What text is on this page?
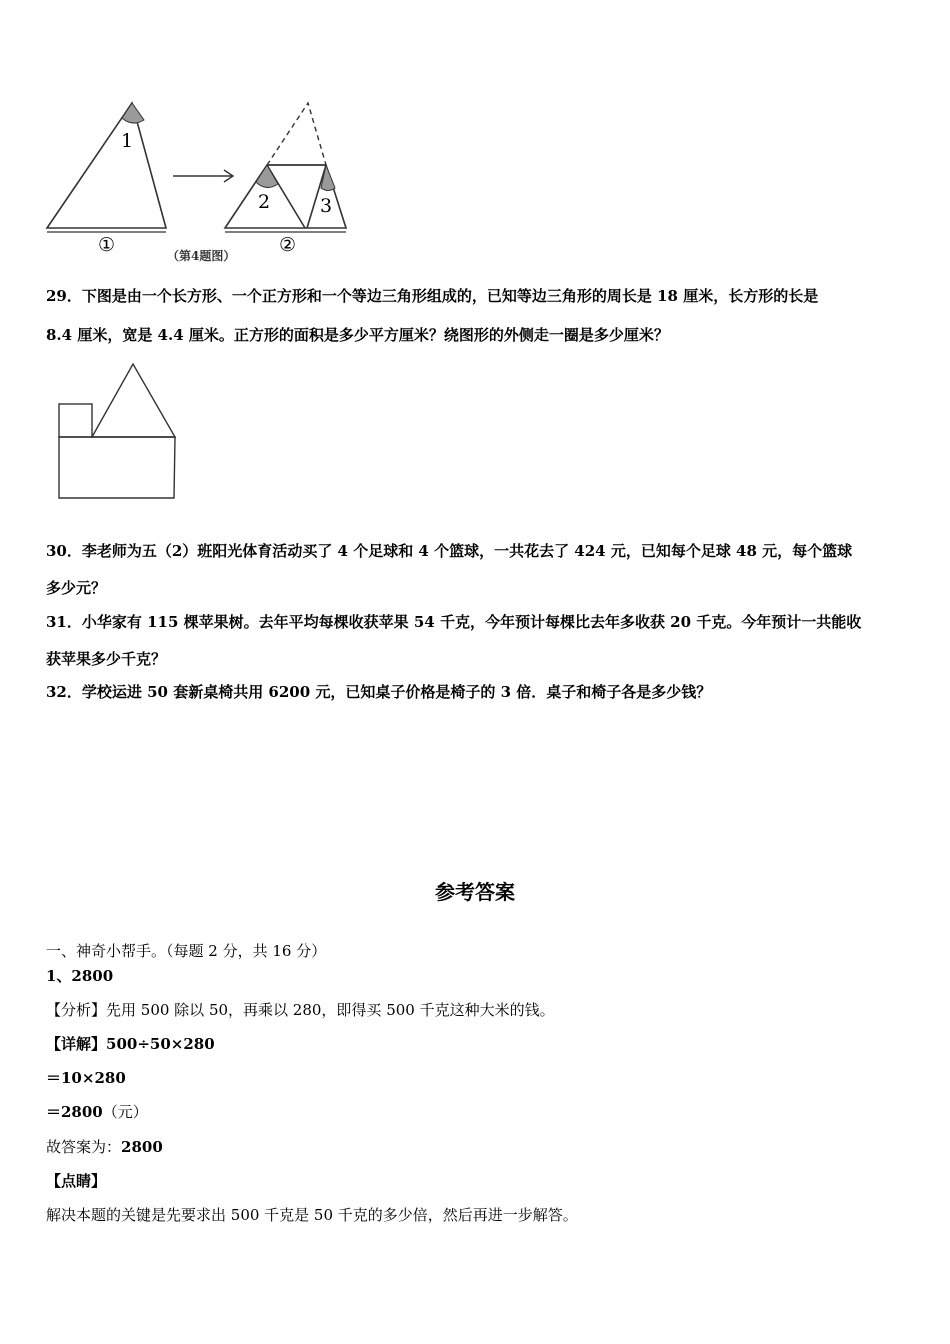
1
①
2	3
②
（第4题图）
29．下图是由一个长方形、一个正方形和一个等边三角形组成的，已知等边三角形的周长是 18 厘米，长方形的长是
8.4 厘米，宽是 4.4 厘米。正方形的面积是多少平方厘米？绕图形的外侧走一圈是多少厘米？
30．李老师为五（2）班阳光体育活动买了 4 个足球和 4 个篮球，一共花去了 424 元，已知每个足球 48 元，每个篮球
多少元？
31．小华家有 115 棵苹果树。去年平均每棵收获苹果 54 千克，今年预计每棵比去年多收获 20 千克。今年预计一共能收
获苹果多少千克？
32．学校运进 50 套新桌椅共用 6200 元，已知桌子价格是椅子的 3 倍．桌子和椅子各是多少钱？
参考答案
一、神奇小帮手。（每题 2 分，共 16 分）
1、2800
【分析】先用 500 除以 50，再乘以 280，即得买 500 千克这种大米的钱。
【详解】500÷50×280
＝10×280
＝2800（元）
故答案为：2800
【点睛】
解决本题的关键是先要求出 500 千克是 50 千克的多少倍，然后再进一步解答。
